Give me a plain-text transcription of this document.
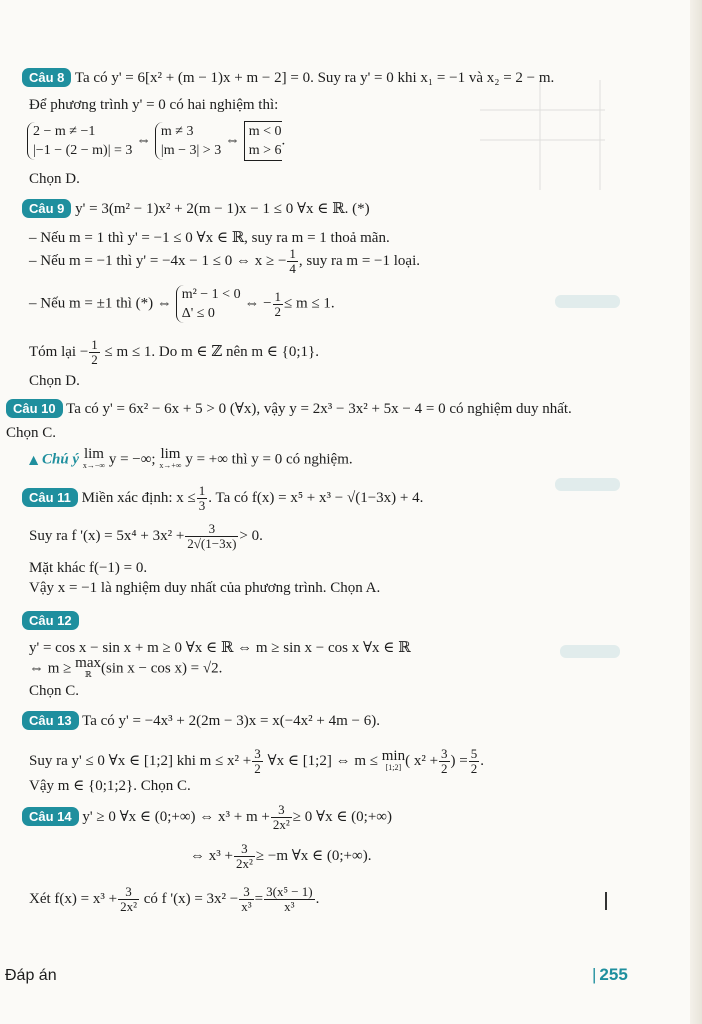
Câu 8 Ta có y' = 6[x² + (m − 1)x + m − 2] = 0. Suy ra y' = 0 khi x₁ = −1 và x₂ = 2 − m.
Để phương trình y' = 0 có hai nghiệm thì:
2 − m ≠ −1
|−1 − (2 − m)| = 3
⇔
m ≠ 3
|m − 3| > 3
⇔
m < 0
m > 6
.
Chọn D.
Câu 9 y' = 3(m² − 1)x² + 2(m − 1)x − 1 ≤ 0 ∀x ∈ ℝ. (*)
– Nếu m = 1 thì y' = −1 ≤ 0 ∀x ∈ ℝ, suy ra m = 1 thoả mãn.
– Nếu m = −1 thì y' = −4x − 1 ≤ 0 ⇔ x ≥ − $\frac{1}{4}$ , suy ra m = −1 loại.
– Nếu m = ±1 thì (*) ⇔
m² − 1 < 0
Δ' ≤ 0
⇔ − $\frac{1}{2} \le m \le 1$.
Tóm lại − $\frac{1}{2} \le m \le 1$. Do m ∈ ℤ nên m ∈ {0;1}.
Chọn D.
Câu 10 Ta có y' = 6x² − 6x + 5 > 0 (∀x), vậy y = 2x³ − 3x² + 5x − 4 = 0 có nghiệm duy nhất.
Chọn C.
▲ Chú ý lim
x→−∞ y = −∞; lim
x→+∞ y = +∞ thì y = 0 có nghiệm.
Câu 11 Miền xác định: $x \le \frac{1}{3}$ . Ta có f(x) = x⁵ + x³ − √(1−3x) + 4.
Suy ra f '$(x) = 5x^4 + 3x^2 + \frac{3}{2√(1-3x)} > 0$.
Mặt khác f(−1) = 0.
Vậy x = −1 là nghiệm duy nhất của phương trình. Chọn A.
Câu 12
y' = cos x − sin x + m ≥ 0 ∀x ∈ ℝ ⇔ m ≥ sin x − cos x ∀x ∈ ℝ
⇔ m ≥ max
ℝ (sin x − cos x) = √2.
Chọn C.
Câu 13 Ta có y' = −4x³ + 2(2m − 3)x = x(−4x² + 4m − 6).
Suy ra y' ≤ 0 ∀x ∈ [1;2] khi $m \le x^2 + \frac{3}{2}$ ∀x ∈ [1;2] ⇔ m ≤ min
[1;2] ( $x^2 + \frac{3}{2}$ ) = $\frac{5}{2}$ .
Vậy m ∈ {0;1;2}. Chọn C.
Câu 14 y' ≥ 0 ∀x ∈ (0;+∞) ⇔ $x^3 + m + \frac{3}{\text{2x²}} \ge 0$ ∀x ∈ (0;+∞)
⇔ $x^3 + \frac{3}{\text{2x²}} \ge -m$ ∀x ∈ (0;+∞).
Xét $f(x) = x^3 + \frac{3}{\text{2x²}}$ có f '$(x) = 3x^2 - \frac{3}{\text{x³}} = \frac{\text{3(x⁵ − 1)}}{\text{x³}}$ .
Đáp án	| 255
